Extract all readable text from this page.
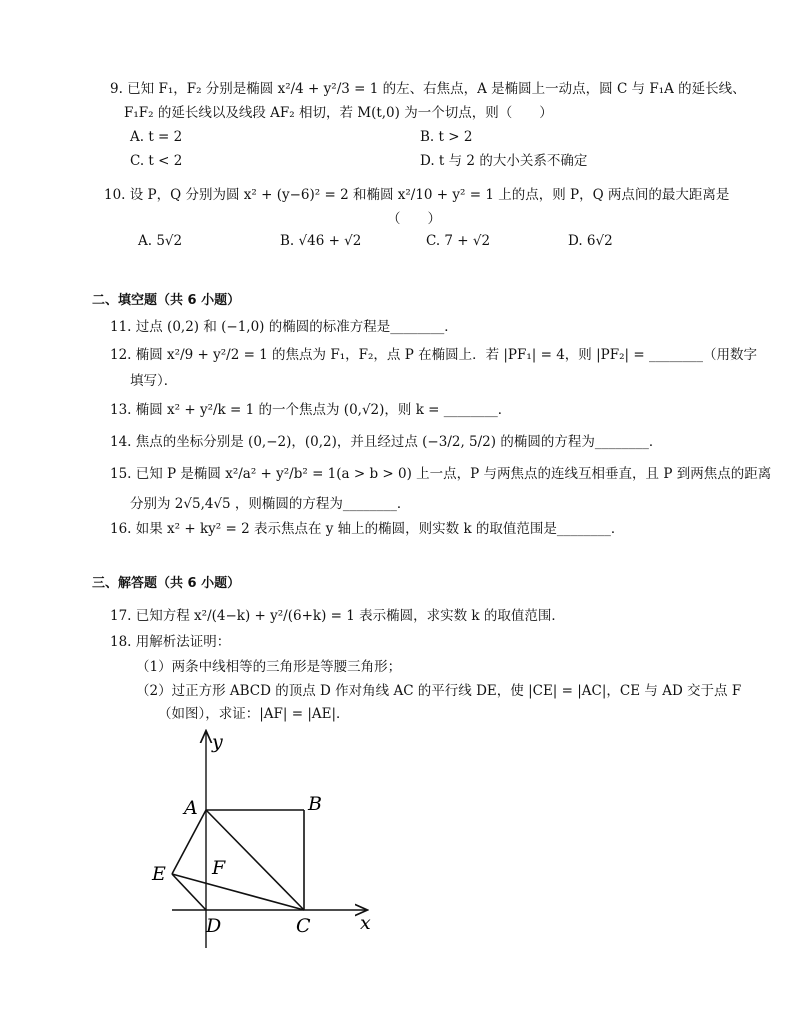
9. 已知 F₁，F₂ 分别是椭圆 x²/4 + y²/3 = 1 的左、右焦点，A 是椭圆上一动点，圆 C 与 F₁A 的延长线、
F₁F₂ 的延长线以及线段 AF₂ 相切，若 M(t,0) 为一个切点，则（　　）
A. t = 2	B. t > 2
C. t < 2	D. t 与 2 的大小关系不确定
10. 设 P，Q 分别为圆 x² + (y−6)² = 2 和椭圆 x²/10 + y² = 1 上的点，则 P，Q 两点间的最大距离是
（　　）
A. 5√2	B. √46 + √2	C. 7 + √2	D. 6√2
二、填空题（共 6 小题）
11. 过点 (0,2) 和 (−1,0) 的椭圆的标准方程是________．
12. 椭圆 x²/9 + y²/2 = 1 的焦点为 F₁，F₂，点 P 在椭圆上．若 |PF₁| = 4，则 |PF₂| = ________（用数字
填写）．
13. 椭圆 x² + y²/k = 1 的一个焦点为 (0,√2)，则 k = ________．
14. 焦点的坐标分别是 (0,−2)，(0,2)，并且经过点 (−3/2, 5/2) 的椭圆的方程为________．
15. 已知 P 是椭圆 x²/a² + y²/b² = 1(a > b > 0) 上一点，P 与两焦点的连线互相垂直，且 P 到两焦点的距离
分别为 2√5,4√5 ，则椭圆的方程为________．
16. 如果 x² + ky² = 2 表示焦点在 y 轴上的椭圆，则实数 k 的取值范围是________．
三、解答题（共 6 小题）
17. 已知方程 x²/(4−k) + y²/(6+k) = 1 表示椭圆，求实数 k 的取值范围．
18. 用解析法证明：
（1）两条中线相等的三角形是等腰三角形；
（2）过正方形 ABCD 的顶点 D 作对角线 AC 的平行线 DE，使 |CE| = |AC|，CE 与 AD 交于点 F
（如图），求证：|AF| = |AE|．
y
x
A	B
E F
D	C
